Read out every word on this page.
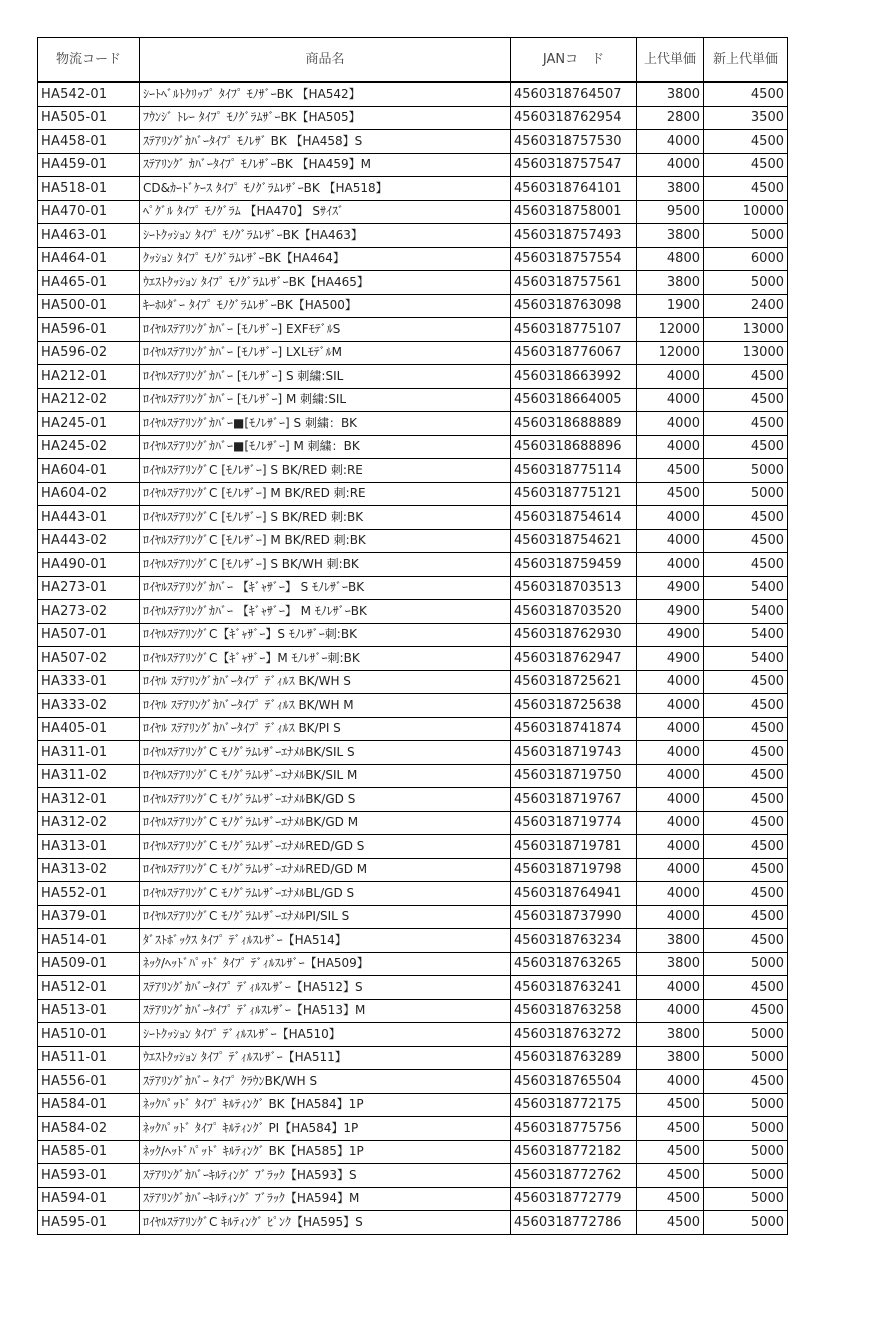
物流コード	商品名	JANコ　ド	上代単価	新上代単価
HA542-01	ｼｰﾄﾍﾞﾙﾄｸﾘｯﾌﾟ ﾀｲﾌﾟ ﾓﾉｻﾞｰBK 【HA542】	4560318764507	3800	4500
HA505-01	ﾌｳﾝｼﾞ ﾄﾚｰ ﾀｲﾌﾟ ﾓﾉｸﾞﾗﾑｻﾞｰBK【HA505】	4560318762954	2800	3500
HA458-01	ｽﾃｱﾘﾝｸﾞｶﾊﾞｰﾀｲﾌﾟ ﾓﾉﾚｻﾞ BK 【HA458】S	4560318757530	4000	4500
HA459-01	ｽﾃｱﾘﾝｸﾞ ｶﾊﾞｰﾀｲﾌﾟ ﾓﾉﾚｻﾞｰBK 【HA459】M	4560318757547	4000	4500
HA518-01	CD&ｶｰﾄﾞｹｰｽ ﾀｲﾌﾟ ﾓﾉｸﾞﾗﾑﾚｻﾞｰBK 【HA518】	4560318764101	3800	4500
HA470-01	ﾍﾟｸﾞﾙ ﾀｲﾌﾟ ﾓﾉｸﾞﾗﾑ 【HA470】 Sｻｲｽﾞ	4560318758001	9500	10000
HA463-01	ｼｰﾄｸｯｼｮﾝ ﾀｲﾌﾟ ﾓﾉｸﾞﾗﾑﾚｻﾞｰBK【HA463】	4560318757493	3800	5000
HA464-01	ｸｯｼｮﾝ ﾀｲﾌﾟ ﾓﾉｸﾞﾗﾑﾚｻﾞｰBK【HA464】	4560318757554	4800	6000
HA465-01	ｳｴｽﾄｸｯｼｮﾝ ﾀｲﾌﾟ ﾓﾉｸﾞﾗﾑﾚｻﾞｰBK【HA465】	4560318757561	3800	5000
HA500-01	ｷｰﾎﾙﾀﾞｰ ﾀｲﾌﾟ ﾓﾉｸﾞﾗﾑﾚｻﾞｰBK【HA500】	4560318763098	1900	2400
HA596-01	ﾛｲﾔﾙｽﾃｱﾘﾝｸﾞｶﾊﾞｰ [ﾓﾉﾚｻﾞｰ] EXFﾓﾃﾞﾙS	4560318775107	12000	13000
HA596-02	ﾛｲﾔﾙｽﾃｱﾘﾝｸﾞｶﾊﾞｰ [ﾓﾉﾚｻﾞｰ] LXLﾓﾃﾞﾙM	4560318776067	12000	13000
HA212-01	ﾛｲﾔﾙｽﾃｱﾘﾝｸﾞｶﾊﾞｰ [ﾓﾉﾚｻﾞｰ] S 刺繍:SIL	4560318663992	4000	4500
HA212-02	ﾛｲﾔﾙｽﾃｱﾘﾝｸﾞｶﾊﾞｰ [ﾓﾉﾚｻﾞｰ] M 刺繍:SIL	4560318664005	4000	4500
HA245-01	ﾛｲﾔﾙｽﾃｱﾘﾝｸﾞｶﾊﾞｰ■[ﾓﾉﾚｻﾞｰ] S 刺繍：BK	4560318688889	4000	4500
HA245-02	ﾛｲﾔﾙｽﾃｱﾘﾝｸﾞｶﾊﾞｰ■[ﾓﾉﾚｻﾞｰ] M 刺繍：BK	4560318688896	4000	4500
HA604-01	ﾛｲﾔﾙｽﾃｱﾘﾝｸﾞC [ﾓﾉﾚｻﾞｰ] S BK/RED 刺:RE	4560318775114	4500	5000
HA604-02	ﾛｲﾔﾙｽﾃｱﾘﾝｸﾞC [ﾓﾉﾚｻﾞｰ] M BK/RED 刺:RE	4560318775121	4500	5000
HA443-01	ﾛｲﾔﾙｽﾃｱﾘﾝｸﾞC [ﾓﾉﾚｻﾞｰ] S BK/RED 刺:BK	4560318754614	4000	4500
HA443-02	ﾛｲﾔﾙｽﾃｱﾘﾝｸﾞC [ﾓﾉﾚｻﾞｰ] M BK/RED 刺:BK	4560318754621	4000	4500
HA490-01	ﾛｲﾔﾙｽﾃｱﾘﾝｸﾞC [ﾓﾉﾚｻﾞｰ] S BK/WH 刺:BK	4560318759459	4000	4500
HA273-01	ﾛｲﾔﾙｽﾃｱﾘﾝｸﾞｶﾊﾞｰ 【ｷﾞｬｻﾞｰ】 S ﾓﾉﾚｻﾞｰBK	4560318703513	4900	5400
HA273-02	ﾛｲﾔﾙｽﾃｱﾘﾝｸﾞｶﾊﾞｰ 【ｷﾞｬｻﾞｰ】 M ﾓﾉﾚｻﾞｰBK	4560318703520	4900	5400
HA507-01	ﾛｲﾔﾙｽﾃｱﾘﾝｸﾞC【ｷﾞｬｻﾞｰ】S ﾓﾉﾚｻﾞｰ刺:BK	4560318762930	4900	5400
HA507-02	ﾛｲﾔﾙｽﾃｱﾘﾝｸﾞC【ｷﾞｬｻﾞｰ】M ﾓﾉﾚｻﾞｰ刺:BK	4560318762947	4900	5400
HA333-01	ﾛｲﾔﾙ ｽﾃｱﾘﾝｸﾞｶﾊﾞｰﾀｲﾌﾟ ﾃﾞｨﾙｽ BK/WH S	4560318725621	4000	4500
HA333-02	ﾛｲﾔﾙ ｽﾃｱﾘﾝｸﾞｶﾊﾞｰﾀｲﾌﾟ ﾃﾞｨﾙｽ BK/WH M	4560318725638	4000	4500
HA405-01	ﾛｲﾔﾙ ｽﾃｱﾘﾝｸﾞｶﾊﾞｰﾀｲﾌﾟ ﾃﾞｨﾙｽ BK/PI S	4560318741874	4000	4500
HA311-01	ﾛｲﾔﾙｽﾃｱﾘﾝｸﾞC ﾓﾉｸﾞﾗﾑﾚｻﾞｰｴﾅﾒﾙBK/SIL S	4560318719743	4000	4500
HA311-02	ﾛｲﾔﾙｽﾃｱﾘﾝｸﾞC ﾓﾉｸﾞﾗﾑﾚｻﾞｰｴﾅﾒﾙBK/SIL M	4560318719750	4000	4500
HA312-01	ﾛｲﾔﾙｽﾃｱﾘﾝｸﾞC ﾓﾉｸﾞﾗﾑﾚｻﾞｰｴﾅﾒﾙBK/GD S	4560318719767	4000	4500
HA312-02	ﾛｲﾔﾙｽﾃｱﾘﾝｸﾞC ﾓﾉｸﾞﾗﾑﾚｻﾞｰｴﾅﾒﾙBK/GD M	4560318719774	4000	4500
HA313-01	ﾛｲﾔﾙｽﾃｱﾘﾝｸﾞC ﾓﾉｸﾞﾗﾑﾚｻﾞｰｴﾅﾒﾙRED/GD S	4560318719781	4000	4500
HA313-02	ﾛｲﾔﾙｽﾃｱﾘﾝｸﾞC ﾓﾉｸﾞﾗﾑﾚｻﾞｰｴﾅﾒﾙRED/GD M	4560318719798	4000	4500
HA552-01	ﾛｲﾔﾙｽﾃｱﾘﾝｸﾞC ﾓﾉｸﾞﾗﾑﾚｻﾞｰｴﾅﾒﾙBL/GD S	4560318764941	4000	4500
HA379-01	ﾛｲﾔﾙｽﾃｱﾘﾝｸﾞC ﾓﾉｸﾞﾗﾑﾚｻﾞｰｴﾅﾒﾙPI/SIL S	4560318737990	4000	4500
HA514-01	ﾀﾞｽﾄﾎﾞｯｸｽ ﾀｲﾌﾟ ﾃﾞｨﾙｽﾚｻﾞｰ【HA514】	4560318763234	3800	4500
HA509-01	ﾈｯｸ/ﾍｯﾄﾞﾊﾟｯﾄﾞ ﾀｲﾌﾟ ﾃﾞｨﾙｽﾚｻﾞｰ【HA509】	4560318763265	3800	5000
HA512-01	ｽﾃｱﾘﾝｸﾞｶﾊﾞｰﾀｲﾌﾟ ﾃﾞｨﾙｽﾚｻﾞｰ【HA512】S	4560318763241	4000	4500
HA513-01	ｽﾃｱﾘﾝｸﾞｶﾊﾞｰﾀｲﾌﾟ ﾃﾞｨﾙｽﾚｻﾞｰ【HA513】M	4560318763258	4000	4500
HA510-01	ｼｰﾄｸｯｼｮﾝ ﾀｲﾌﾟ ﾃﾞｨﾙｽﾚｻﾞｰ【HA510】	4560318763272	3800	5000
HA511-01	ｳｴｽﾄｸｯｼｮﾝ ﾀｲﾌﾟ ﾃﾞｨﾙｽﾚｻﾞｰ【HA511】	4560318763289	3800	5000
HA556-01	ｽﾃｱﾘﾝｸﾞｶﾊﾞｰ ﾀｲﾌﾟ ｸﾗｳﾝBK/WH S	4560318765504	4000	4500
HA584-01	ﾈｯｸﾊﾟｯﾄﾞ ﾀｲﾌﾟ ｷﾙﾃｨﾝｸﾞ BK【HA584】1P	4560318772175	4500	5000
HA584-02	ﾈｯｸﾊﾟｯﾄﾞ ﾀｲﾌﾟ ｷﾙﾃｨﾝｸﾞ PI【HA584】1P	4560318775756	4500	5000
HA585-01	ﾈｯｸ/ﾍｯﾄﾞﾊﾟｯﾄﾞ ｷﾙﾃｨﾝｸﾞ BK【HA585】1P	4560318772182	4500	5000
HA593-01	ｽﾃｱﾘﾝｸﾞｶﾊﾞｰｷﾙﾃｨﾝｸﾞ ﾌﾞﾗｯｸ【HA593】S	4560318772762	4500	5000
HA594-01	ｽﾃｱﾘﾝｸﾞｶﾊﾞｰｷﾙﾃｨﾝｸﾞ ﾌﾞﾗｯｸ【HA594】M	4560318772779	4500	5000
HA595-01	ﾛｲﾔﾙｽﾃｱﾘﾝｸﾞC ｷﾙﾃｨﾝｸﾞ ﾋﾟﾝｸ【HA595】S	4560318772786	4500	5000
